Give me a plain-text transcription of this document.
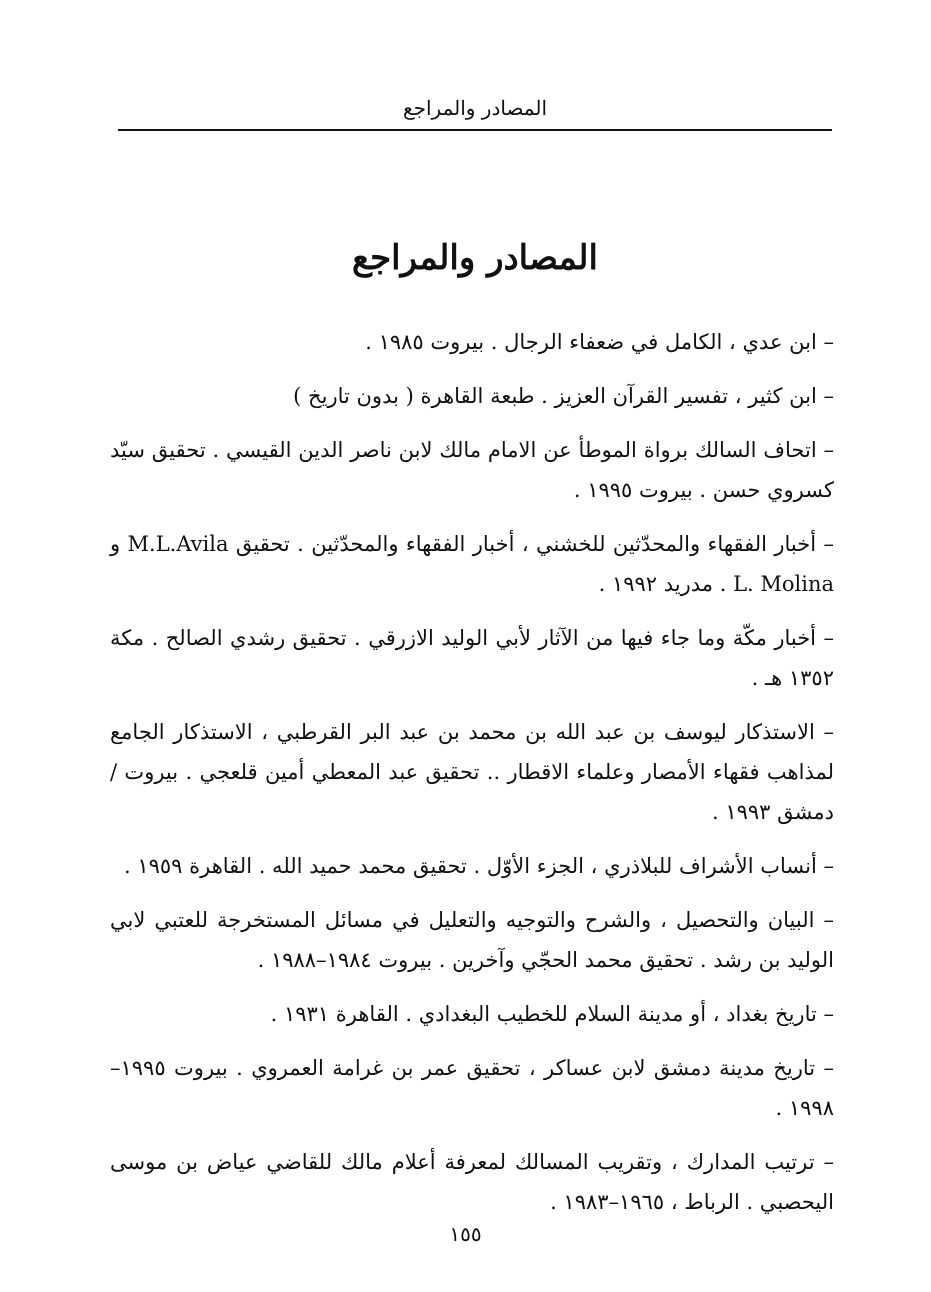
المصادر والمراجع
المصادر والمراجع

– ابن عدي ، الكامل في ضعفاء الرجال . بيروت ١٩٨٥ .

– ابن كثير ، تفسير القرآن العزيز . طبعة القاهرة ( بدون تاريخ )

– اتحاف السالك برواة الموطأ عن الامام مالك لابن ناصر الدين القيسي . تحقيق سيّد كسروي حسن . بيروت ١٩٩٥ .

– أخبار الفقهاء والمحدّثين للخشني ، أخبار الفقهاء والمحدّثين . تحقيق M.L.Avila و L. Molina . مدريد ١٩٩٢ .

– أخبار مكّة وما جاء فيها من الآثار لأبي الوليد الازرقي . تحقيق رشدي الصالح . مكة ١٣٥٢ هـ .

– الاستذكار ليوسف بن عبد الله بن محمد بن عبد البر القرطبي ، الاستذكار الجامع لمذاهب فقهاء الأمصار وعلماء الاقطار .. تحقيق عبد المعطي أمين قلعجي . بيروت / دمشق ١٩٩٣ .

– أنساب الأشراف للبلاذري ، الجزء الأوّل . تحقيق محمد حميد الله . القاهرة ١٩٥٩ .

– البيان والتحصيل ، والشرح والتوجيه والتعليل في مسائل المستخرجة للعتبي لابي الوليد بن رشد . تحقيق محمد الحجّي وآخرين . بيروت ١٩٨٤–١٩٨٨ .

– تاريخ بغداد ، أو مدينة السلام للخطيب البغدادي . القاهرة ١٩٣١ .

– تاريخ مدينة دمشق لابن عساكر ، تحقيق عمر بن غرامة العمروي . بيروت ١٩٩٥– ١٩٩٨ .

– ترتيب المدارك ، وتقريب المسالك لمعرفة أعلام مالك للقاضي عياض بن موسى اليحصبي . الرباط ، ١٩٦٥–١٩٨٣ .

١٥٥
